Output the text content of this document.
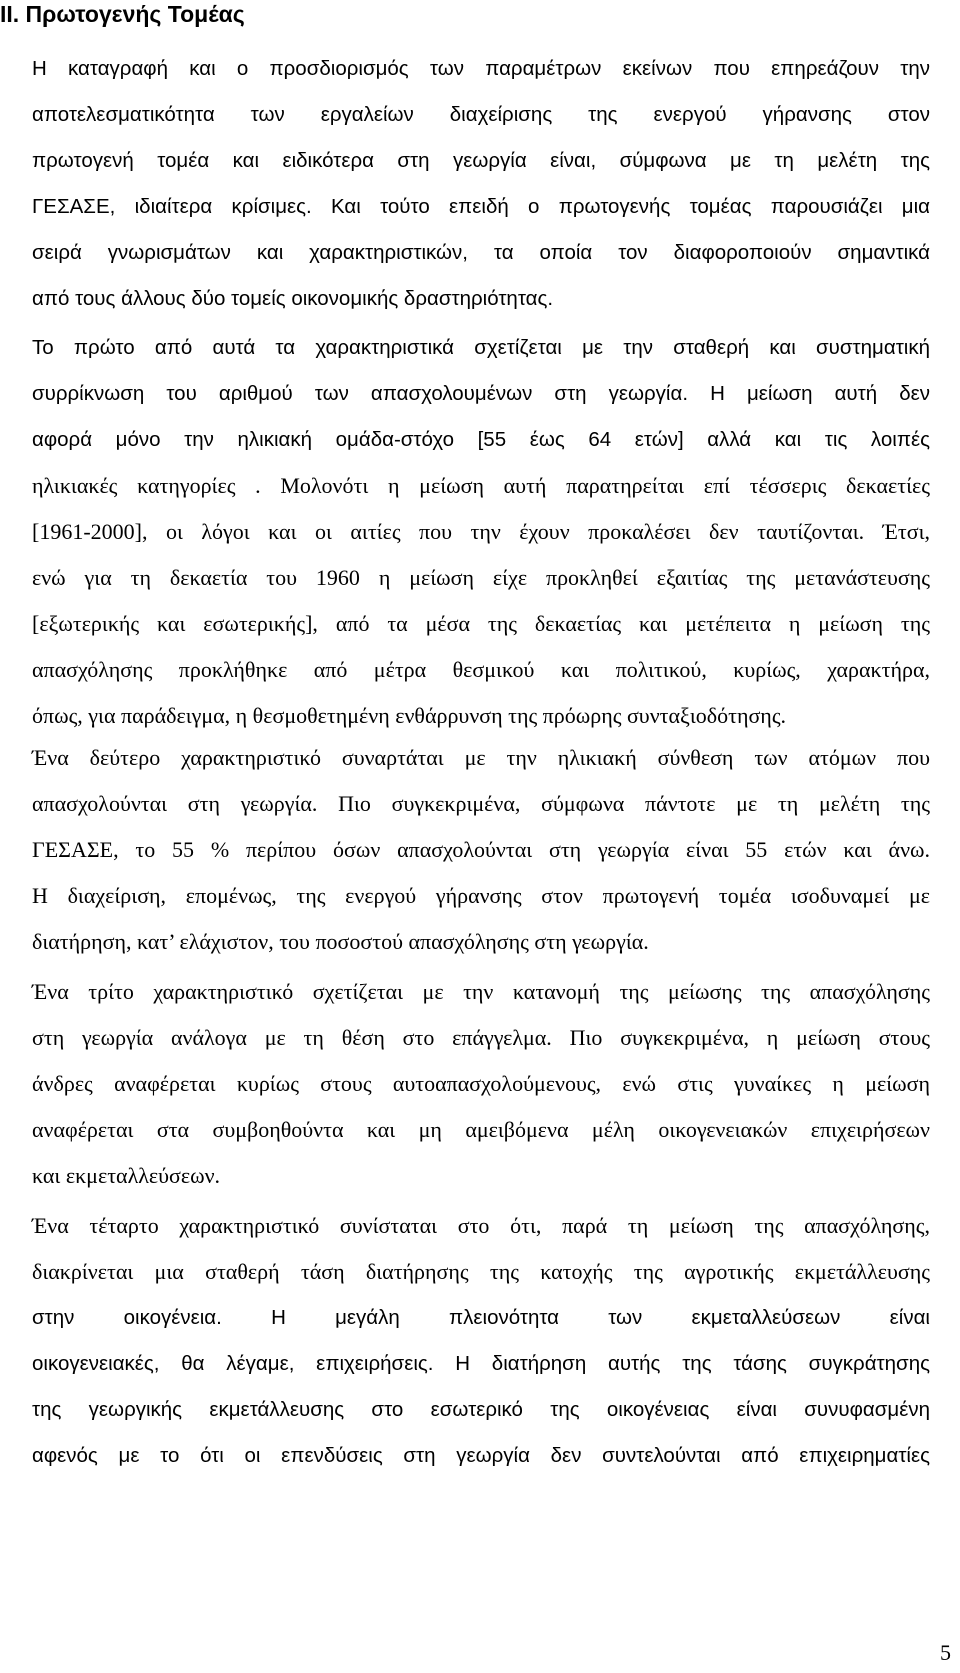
II. Πρωτογενής Τομέας

Η καταγραφή και ο προσδιορισμός των παραμέτρων εκείνων που επηρεάζουν την
αποτελεσματικότητα των εργαλείων διαχείρισης της ενεργού γήρανσης στον
πρωτογενή τομέα και ειδικότερα στη γεωργία είναι, σύμφωνα με τη μελέτη της
ΓΕΣΑΣΕ, ιδιαίτερα κρίσιμες. Και τούτο επειδή ο πρωτογενής τομέας παρουσιάζει μια
σειρά γνωρισμάτων και χαρακτηριστικών, τα οποία τον διαφοροποιούν σημαντικά
από τους άλλους δύο τομείς οικονομικής δραστηριότητας.

Το πρώτο από αυτά τα χαρακτηριστικά σχετίζεται με την σταθερή και συστηματική
συρρίκνωση του αριθμού των απασχολουμένων στη γεωργία. Η μείωση αυτή δεν
αφορά μόνο την ηλικιακή ομάδα-στόχο [55 έως 64 ετών] αλλά και τις λοιπές
ηλικιακές κατηγορίες . Μολονότι η μείωση αυτή παρατηρείται επί τέσσερις δεκαετίες
[1961-2000], οι λόγοι και οι αιτίες που την έχουν προκαλέσει δεν ταυτίζονται. Έτσι,
ενώ για τη δεκαετία του 1960 η μείωση είχε προκληθεί εξαιτίας της μετανάστευσης
[εξωτερικής και εσωτερικής], από τα μέσα της δεκαετίας και μετέπειτα η μείωση της
απασχόλησης προκλήθηκε από μέτρα θεσμικού και πολιτικού, κυρίως, χαρακτήρα,
όπως, για παράδειγμα, η θεσμοθετημένη ενθάρρυνση της πρόωρης συνταξιοδότησης.

Ένα δεύτερο χαρακτηριστικό συναρτάται με την ηλικιακή σύνθεση των ατόμων που
απασχολούνται στη γεωργία. Πιο συγκεκριμένα, σύμφωνα πάντοτε με τη μελέτη της
ΓΕΣΑΣΕ, το 55 % περίπου όσων απασχολούνται στη γεωργία είναι 55 ετών και άνω.
Η διαχείριση, επομένως, της ενεργού γήρανσης στον πρωτογενή τομέα ισοδυναμεί με
διατήρηση, κατ’ ελάχιστον, του ποσοστού απασχόλησης στη γεωργία.

Ένα τρίτο χαρακτηριστικό σχετίζεται με την κατανομή της μείωσης της απασχόλησης
στη γεωργία ανάλογα με τη θέση στο επάγγελμα. Πιο συγκεκριμένα, η μείωση στους
άνδρες αναφέρεται κυρίως στους αυτοαπασχολούμενους, ενώ στις γυναίκες η μείωση
αναφέρεται στα συμβοηθούντα και μη αμειβόμενα μέλη οικογενειακών επιχειρήσεων
και εκμεταλλεύσεων.

Ένα τέταρτο χαρακτηριστικό συνίσταται στο ότι, παρά τη μείωση της απασχόλησης,
διακρίνεται μια σταθερή τάση διατήρησης της κατοχής της αγροτικής εκμετάλλευσης
στην οικογένεια. Η μεγάλη πλειονότητα των εκμεταλλεύσεων είναι
οικογενειακές, θα λέγαμε, επιχειρήσεις. Η διατήρηση αυτής της τάσης συγκράτησης
της γεωργικής εκμετάλλευσης στο εσωτερικό της οικογένειας είναι συνυφασμένη
αφενός με το ότι οι επενδύσεις στη γεωργία δεν συντελούνται από επιχειρηματίες

5
